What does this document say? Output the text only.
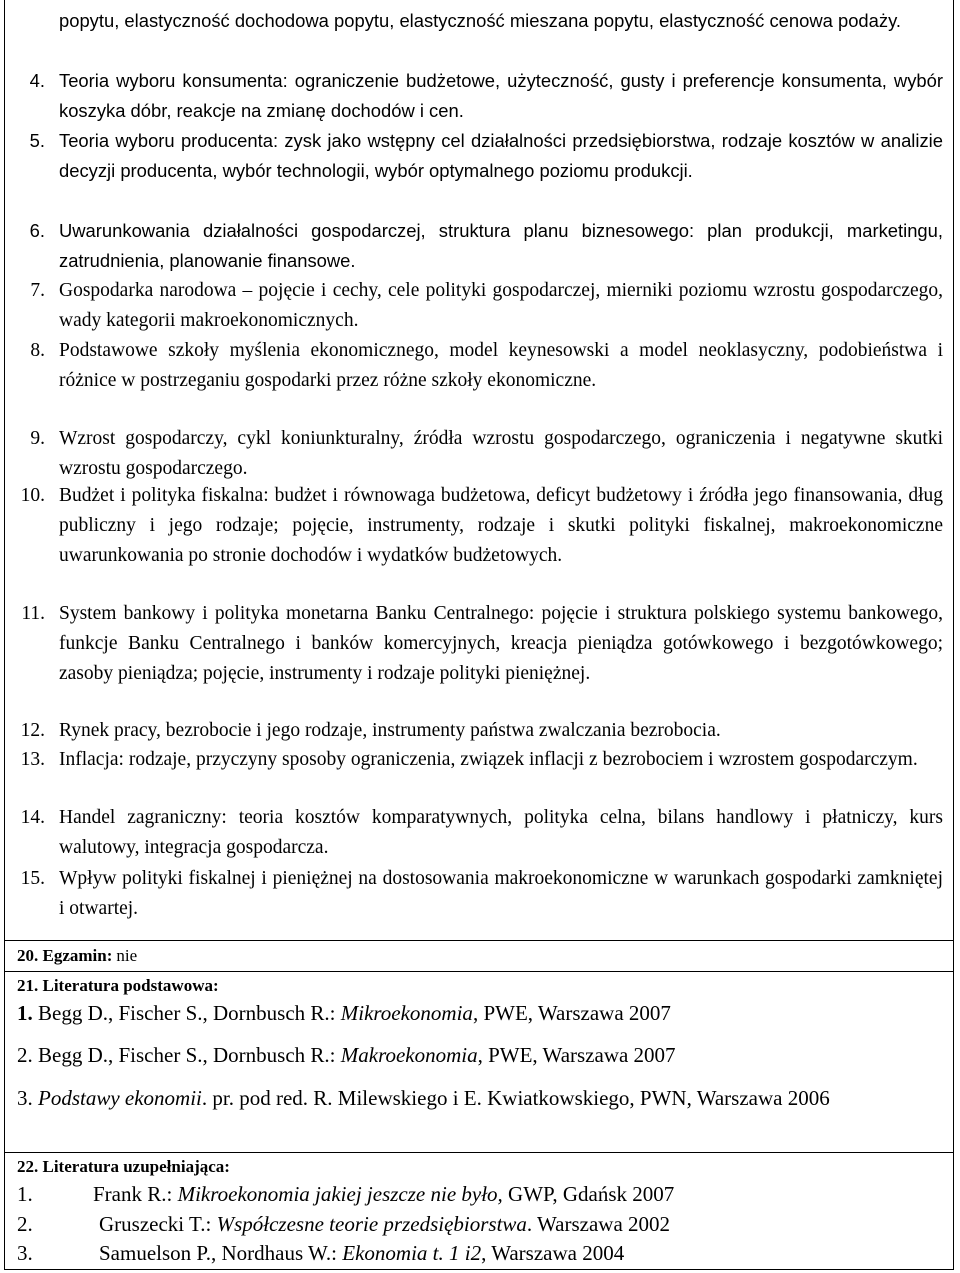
popytu, elastyczność dochodowa popytu, elastyczność mieszana popytu, elastyczność cenowa podaży.

4. Teoria wyboru konsumenta: ograniczenie budżetowe, użyteczność, gusty i preferencje konsumenta, wybór koszyka dóbr, reakcje na zmianę dochodów i cen.

5. Teoria wyboru producenta: zysk jako wstępny cel działalności przedsiębiorstwa, rodzaje kosztów w analizie decyzji producenta, wybór technologii, wybór optymalnego poziomu produkcji.

6. Uwarunkowania działalności gospodarczej, struktura planu biznesowego: plan produkcji, marketingu, zatrudnienia, planowanie finansowe.

7. Gospodarka narodowa – pojęcie i cechy, cele polityki gospodarczej, mierniki poziomu wzrostu gospodarczego, wady kategorii makroekonomicznych.

8. Podstawowe szkoły myślenia ekonomicznego, model keynesowski a model neoklasyczny, podobieństwa i różnice w postrzeganiu gospodarki przez różne szkoły ekonomiczne.

9. Wzrost gospodarczy, cykl koniunkturalny, źródła wzrostu gospodarczego, ograniczenia i negatywne skutki wzrostu gospodarczego.

10. Budżet i polityka fiskalna: budżet i równowaga budżetowa, deficyt budżetowy i źródła jego finansowania, dług publiczny i jego rodzaje; pojęcie, instrumenty, rodzaje i skutki polityki fiskalnej, makroekonomiczne uwarunkowania po stronie dochodów i wydatków budżetowych.

11. System bankowy i polityka monetarna Banku Centralnego: pojęcie i struktura polskiego systemu bankowego, funkcje Banku Centralnego i banków komercyjnych, kreacja pieniądza gotówkowego i bezgotówkowego; zasoby pieniądza; pojęcie, instrumenty i rodzaje polityki pieniężnej.

12. Rynek pracy, bezrobocie i jego rodzaje, instrumenty państwa zwalczania bezrobocia.

13. Inflacja: rodzaje, przyczyny sposoby ograniczenia, związek inflacji z bezrobociem i wzrostem gospodarczym.

14. Handel zagraniczny: teoria kosztów komparatywnych, polityka celna, bilans handlowy i płatniczy, kurs walutowy, integracja gospodarcza.

15. Wpływ polityki fiskalnej i pieniężnej na dostosowania makroekonomiczne w warunkach gospodarki zamkniętej i otwartej.

20. Egzamin: nie
21. Literatura podstawowa:
1. Begg D., Fischer S., Dornbusch R.: Mikroekonomia, PWE, Warszawa 2007
2. Begg D., Fischer S., Dornbusch R.: Makroekonomia, PWE, Warszawa 2007
3. Podstawy ekonomii. pr. pod red. R. Milewskiego i E. Kwiatkowskiego, PWN, Warszawa 2006
22. Literatura uzupełniająca:
1.	Frank R.: Mikroekonomia jakiej jeszcze nie było, GWP, Gdańsk 2007
2.	Gruszecki T.: Współczesne teorie przedsiębiorstwa. Warszawa 2002
3.	Samuelson P., Nordhaus W.: Ekonomia t. 1 i2, Warszawa 2004
